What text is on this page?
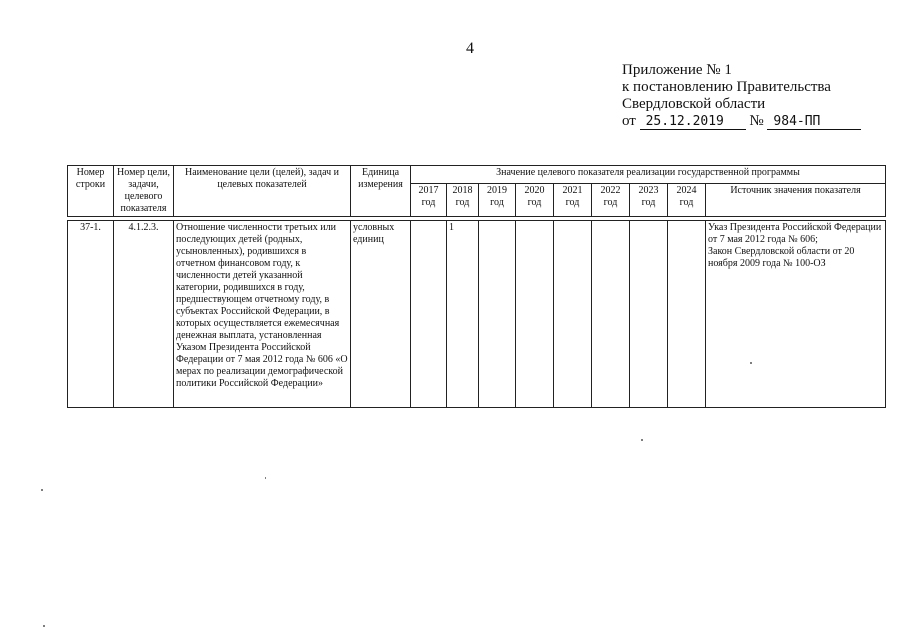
4
Приложение № 1
к постановлению Правительства
Свердловской области
от 25.12.2019 № 984-ПП
Номер строки	Номер цели, задачи, целевого показателя	Наименование цели (целей), задач и целевых показателей	Единица измерения	Значение целевого показателя реализации государственной программы								
				2017 год	2018 год	2019 год	2020 год	2021 год	2022 год	2023 год	2024 год	Источник значения показателя

37-1.	4.1.2.3.	Отношение численности третьих или последующих детей (родных, усыновленных), родившихся в отчетном финансовом году, к численности детей указанной категории, родившихся в году, предшествующем отчетному году, в субъектах Российской Федерации, в которых осуществляется ежемесячная денежная выплата, установленная Указом Президента Российской Федерации от 7 мая 2012 года № 606 «О мерах по реализации демографической политики Российской Федерации»	условных единиц		1							Указ Президента Российской Федерации от 7 мая 2012 года № 606;
Закон Свердловской области от 20 ноября 2009 года № 100-ОЗ
